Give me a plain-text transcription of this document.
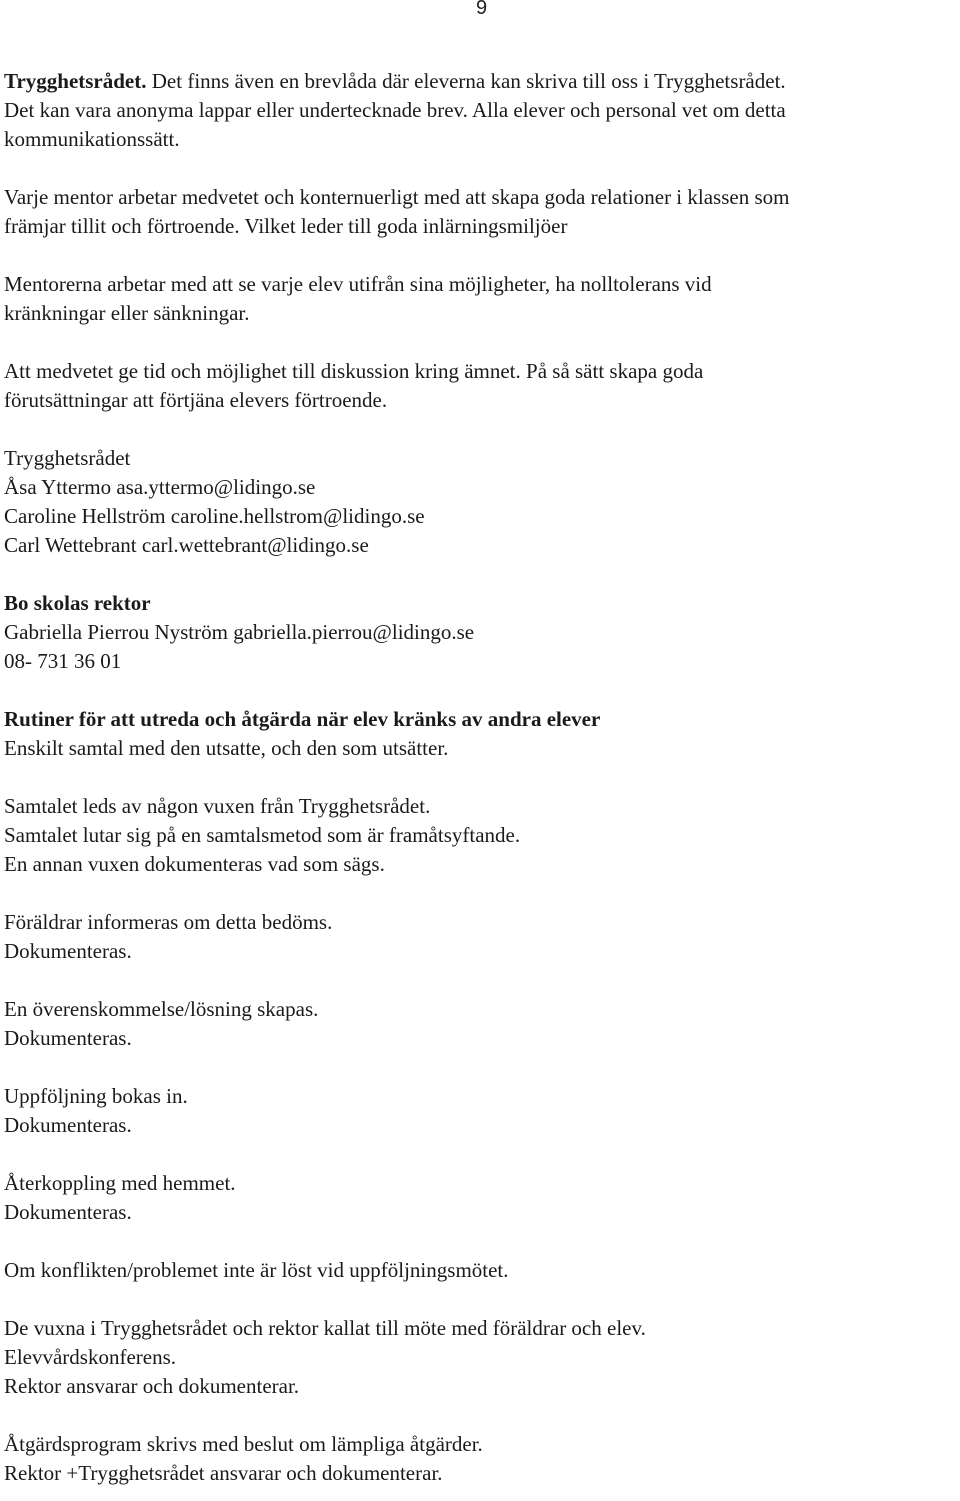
9
Trygghetsrådet. Det finns även en brevlåda där eleverna kan skriva till oss i Trygghetsrådet.
Det kan vara anonyma lappar eller undertecknade brev. Alla elever och personal vet om detta
kommunikationssätt.
Varje mentor arbetar medvetet och konternuerligt med att skapa goda relationer i klassen som
främjar tillit och förtroende. Vilket leder till goda inlärningsmiljöer
Mentorerna arbetar med att se varje elev utifrån sina möjligheter, ha nolltolerans vid
kränkningar eller sänkningar.
Att medvetet ge tid och möjlighet till diskussion kring ämnet. På så sätt skapa goda
förutsättningar att förtjäna elevers förtroende.
Trygghetsrådet
Åsa Yttermo asa.yttermo@lidingo.se
Caroline Hellström caroline.hellstrom@lidingo.se
Carl Wettebrant carl.wettebrant@lidingo.se
Bo skolas rektor
Gabriella Pierrou Nyström gabriella.pierrou@lidingo.se
08- 731 36 01
Rutiner för att utreda och åtgärda när elev kränks av andra elever
Enskilt samtal med den utsatte, och den som utsätter.
Samtalet leds av någon vuxen från Trygghetsrådet.
Samtalet lutar sig på en samtalsmetod som är framåtsyftande.
En annan vuxen dokumenteras vad som sägs.
Föräldrar informeras om detta bedöms.
Dokumenteras.
En överenskommelse/lösning skapas.
Dokumenteras.
Uppföljning bokas in.
Dokumenteras.
Återkoppling med hemmet.
Dokumenteras.
Om konflikten/problemet inte är löst vid uppföljningsmötet.
De vuxna i Trygghetsrådet och rektor kallat till möte med föräldrar och elev.
Elevvårdskonferens.
Rektor ansvarar och dokumenterar.
Åtgärdsprogram skrivs med beslut om lämpliga åtgärder.
Rektor +Trygghetsrådet ansvarar och dokumenterar.
